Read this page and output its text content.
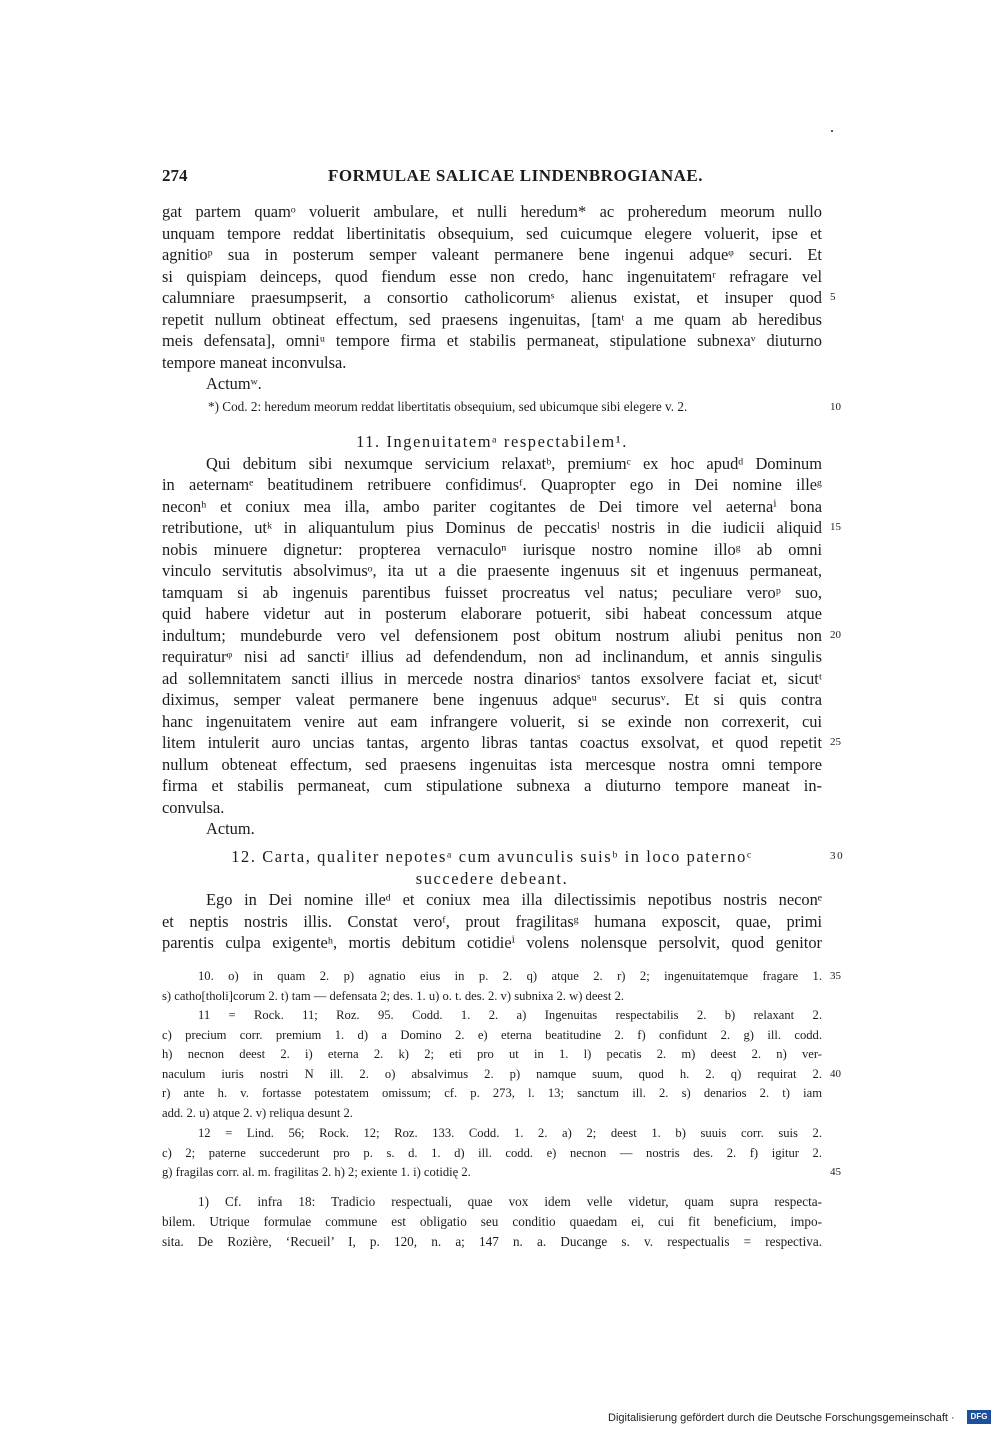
274	FORMULAE SALICAE LINDENBROGIANAE.
gat partem quamᵒ voluerit ambulare, et nulli heredum* ac proheredum meorum nullo
unquam tempore reddat libertinitatis obsequium, sed cuicumque elegere voluerit, ipse et
agnitioᵖ sua in posterum semper valeant permanere bene ingenui adqueᵠ securi. Et
si quispiam deinceps, quod fiendum esse non credo, hanc ingenuitatemʳ refragare vel
calumniare praesumpserit, a consortio catholicorumˢ alienus existat, et insuper quod 5
repetit nullum obtineat effectum, sed praesens ingenuitas, [tamᵗ a me quam ab heredibus
meis defensata], omniᵘ tempore firma et stabilis permaneat, stipulatione subnexaᵛ diuturno
tempore maneat inconvulsa.
Actumʷ.
*) Cod. 2: heredum meorum reddat libertitatis obsequium, sed ubicumque sibi elegere v. 2.	10
11. Ingenuitatemᵃ respectabilem¹.
Qui debitum sibi nexumque servicium relaxatᵇ, premiumᶜ ex hoc apudᵈ Dominum
in aeternamᵉ beatitudinem retribuere confidimusᶠ. Quapropter ego in Dei nomine illeᵍ
neconʰ et coniux mea illa, ambo pariter cogitantes de Dei timore vel aeternaⁱ bona
retributione, utᵏ in aliquantulum pius Dominus de peccatisˡ nostris in die iudicii aliquid 15
nobis minuere dignetur: propterea vernaculoⁿ iurisque nostro nomine illoᵍ ab omni
vinculo servitutis absolvimusᵒ, ita ut a die praesente ingenuus sit et ingenuus permaneat,
tamquam si ab ingenuis parentibus fuisset procreatus vel natus; peculiare veroᵖ suo,
quid habere videtur aut in posterum elaborare potuerit, sibi habeat concessum atque
indultum; mundeburde vero vel defensionem post obitum nostrum aliubi penitus non 20
requiraturᵠ nisi ad sanctiʳ illius ad defendendum, non ad inclinandum, et annis singulis
ad sollemnitatem sancti illius in mercede nostra dinariosˢ tantos exsolvere faciat et, sicutᵗ
diximus, semper valeat permanere bene ingenuus adqueᵘ securusᵛ. Et si quis contra
hanc ingenuitatem venire aut eam infrangere voluerit, si se exinde non correxerit, cui
litem intulerit auro uncias tantas, argento libras tantas coactus exsolvat, et quod repetit 25
nullum obteneat effectum, sed praesens ingenuitas ista mercesque nostra omni tempore
firma et stabilis permaneat, cum stipulatione subnexa a diuturno tempore maneat in-
convulsa.
Actum.
12. Carta, qualiter nepotesᵃ cum avunculis suisᵇ in loco paternoᶜ	30
succedere debeant.
Ego in Dei nomine illeᵈ et coniux mea illa dilectissimis nepotibus nostris neconᵉ
et neptis nostris illis. Constat veroᶠ, prout fragilitasᵍ humana exposcit, quae, primi
parentis culpa exigenteʰ, mortis debitum cotidieⁱ volens nolensque persolvit, quod genitor
10. o) in quam 2. p) agnatio eius in p. 2. q) atque 2. r) 2; ingenuitatemque fragare 1. 35
s) catho[tholi]corum 2. t) tam — defensata 2; des. 1. u) o. t. des. 2. v) subnixa 2. w) deest 2.
11 = Rock. 11; Roz. 95. Codd. 1. 2. a) Ingenuitas respectabilis 2. b) relaxant 2.
c) precium corr. premium 1. d) a Domino 2. e) eterna beatitudine 2. f) confidunt 2. g) ill. codd.
h) necnon deest 2. i) eterna 2. k) 2; eti pro ut in 1. l) pecatis 2. m) deest 2. n) ver-
naculum iuris nostri N ill. 2. o) absalvimus 2. p) namque suum, quod h. 2. q) requirat 2. 40
r) ante h. v. fortasse potestatem omissum; cf. p. 273, l. 13; sanctum ill. 2. s) denarios 2. t) iam
add. 2. u) atque 2. v) reliqua desunt 2.
12 = Lind. 56; Rock. 12; Roz. 133. Codd. 1. 2. a) 2; deest 1. b) suuis corr. suis 2.
c) 2; paterne succederunt pro p. s. d. 1. d) ill. codd. e) necnon — nostris des. 2. f) igitur 2.
g) fragilas corr. al. m. fragilitas 2. h) 2; exiente 1. i) cotidię 2.	45
1) Cf. infra 18: Tradicio respectuali, quae vox idem velle videtur, quam supra respecta-
bilem. Utrique formulae commune est obligatio seu conditio quaedam ei, cui fit beneficium, impo-
sita. De Rozière, ‘Recueil’ I, p. 120, n. a; 147 n. a. Ducange s. v. respectualis = respectiva.
Digitalisierung gefördert durch die Deutsche Forschungsgemeinschaft ·	DFG
